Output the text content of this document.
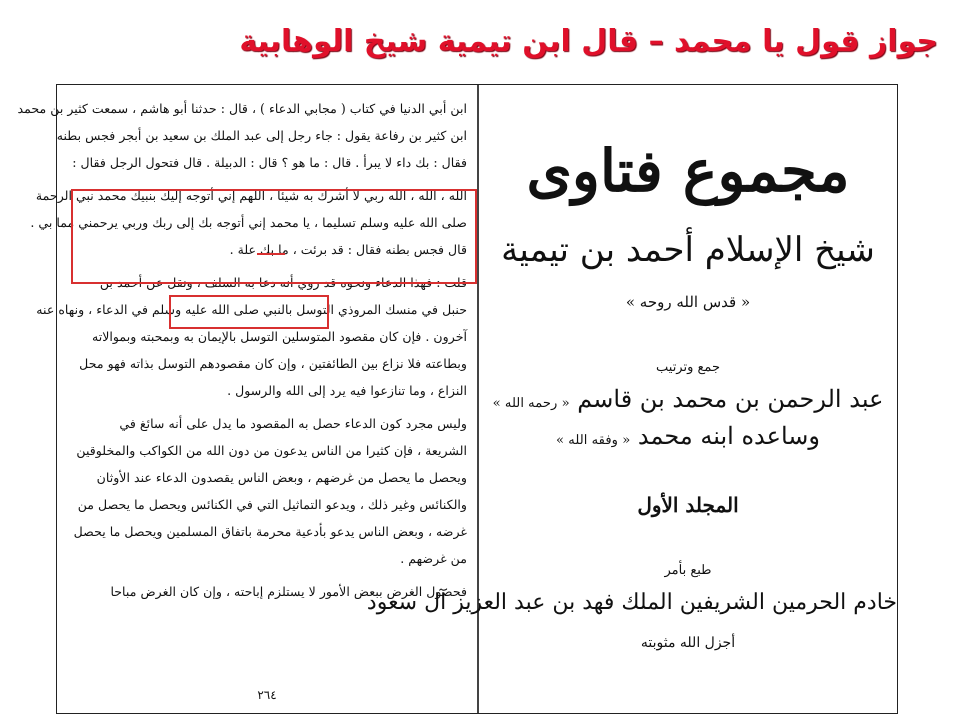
جواز قول يا محمد – قال ابن تيمية شيخ الوهابية
ابن أبي الدنيا في كتاب ( مجابي الدعاء ) ، قال : حدثنا أبو هاشم ، سمعت كثير بن محمد
ابن كثير بن رفاعة يقول : جاء رجل إلى عبد الملك بن سعيد بن أبجر فجس بطنه
فقال : بك داء لا يبرأ . قال : ما هو ؟ قال : الدبيلة . قال فتحول الرجل فقال :
الله ، الله ، الله ربي لا أشرك به شيئا ، اللهم إني أتوجه إليك بنبيك محمد نبي الرحمة
صلى الله عليه وسلم تسليما ، يا محمد إني أتوجه بك إلى ربك وربي يرحمني مما بي .
قال فجس بطنه فقال : قد برئت ، ما بك علة .
قلت : فهذا الدعاء ونحوه قد روي أنه دعا به السلف ، ونقل عن أحمد بن
حنبل في منسك المروذي التوسل بالنبي صلى الله عليه وسلم في الدعاء ، ونهاه عنه
آخرون . فإن كان مقصود المتوسلين التوسل بالإيمان به وبمحبته وبموالاته
وبطاعته فلا نزاع بين الطائفتين ، وإن كان مقصودهم التوسل بذاته فهو محل
النزاع ، وما تنازعوا فيه يرد إلى الله والرسول .
وليس مجرد كون الدعاء حصل به المقصود ما يدل على أنه سائغ في
الشريعة ، فإن كثيرا من الناس يدعون من دون الله من الكواكب والمخلوقين
ويحصل ما يحصل من غرضهم ، وبعض الناس يقصدون الدعاء عند الأوثان
والكنائس وغير ذلك ، ويدعو التماثيل التي في الكنائس ويحصل ما يحصل من
غرضه ، وبعض الناس يدعو بأدعية محرمة باتفاق المسلمين ويحصل ما يحصل
من غرضهم .
فحصول الغرض ببعض الأمور لا يستلزم إباحته ، وإن كان الغرض مباحا
٢٦٤
مجموع فتاوى
شيخ الإسلام أحمد بن تيمية
« قدس الله روحه »
جمع وترتيب
عبد الرحمن بن محمد بن قاسم « رحمه الله »
وساعده ابنه محمد « وفقه الله »
المجلد الأول
طبع بأمر
خادم الحرمين الشريفين الملك فهد بن عبد العزيز آل سعود
أجزل الله مثوبته
